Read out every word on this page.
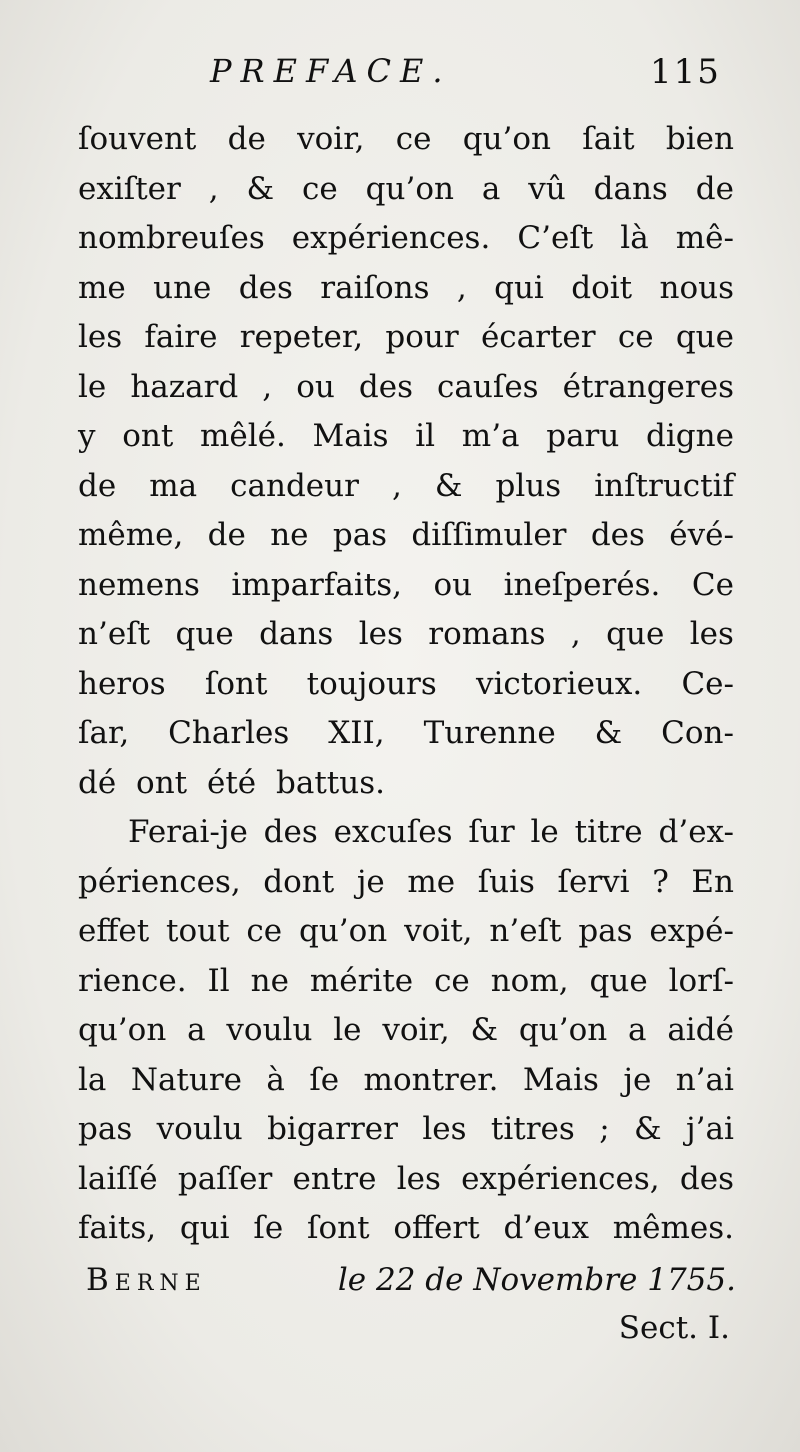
PREFACE.	115
ſouvent de voir, ce qu’on ſait bien
exiſter , & ce qu’on a vû dans de
nombreuſes expériences. C’eſt là mê-
me une des raiſons , qui doit nous
les faire repeter, pour écarter ce que
le hazard , ou des cauſes étrangeres
y ont mêlé. Mais il m’a paru digne
de ma candeur , & plus inſtructif
même, de ne pas diſſimuler des évé-
nemens imparfaits, ou ineſperés. Ce
n’eſt que dans les romans , que les
heros ſont toujours victorieux. Ce-
ſar, Charles XII, Turenne & Con-
dé ont été battus.
Ferai-je des excuſes ſur le titre d’ex-
périences, dont je me ſuis ſervi ? En
effet tout ce qu’on voit, n’eſt pas expé-
rience. Il ne mérite ce nom, que lorſ-
qu’on a voulu le voir, & qu’on a aidé
la Nature à ſe montrer. Mais je n’ai
pas voulu bigarrer les titres ; & j’ai
laiſſé paſſer entre les expériences, des
faits, qui ſe ſont offert d’eux mêmes.
Berne	le 22 de Novembre 1755.
Sect. I.
